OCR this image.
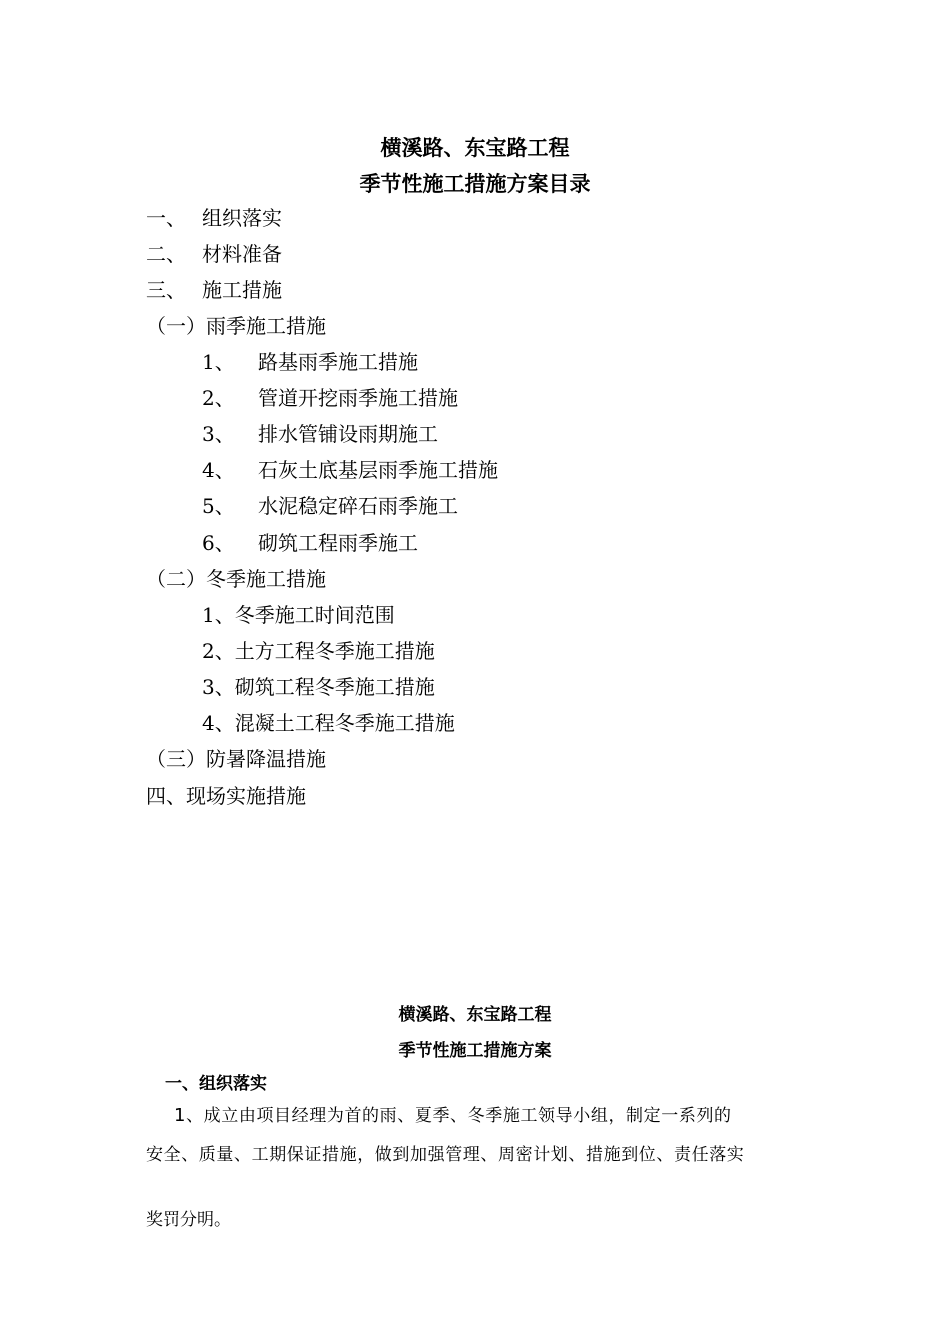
横溪路、东宝路工程
季节性施工措施方案目录
一、 组织落实
二、 材料准备
三、 施工措施
（一）雨季施工措施
1、 路基雨季施工措施
2、 管道开挖雨季施工措施
3、 排水管铺设雨期施工
4、 石灰土底基层雨季施工措施
5、 水泥稳定碎石雨季施工
6、 砌筑工程雨季施工
（二）冬季施工措施
1、冬季施工时间范围
2、土方工程冬季施工措施
3、砌筑工程冬季施工措施
4、混凝土工程冬季施工措施
（三）防暑降温措施
四、现场实施措施
横溪路、东宝路工程
季节性施工措施方案
一、组织落实
1、成立由项目经理为首的雨、夏季、冬季施工领导小组，制定一系列的
安全、质量、工期保证措施，做到加强管理、周密计划、措施到位、责任落实
奖罚分明。
